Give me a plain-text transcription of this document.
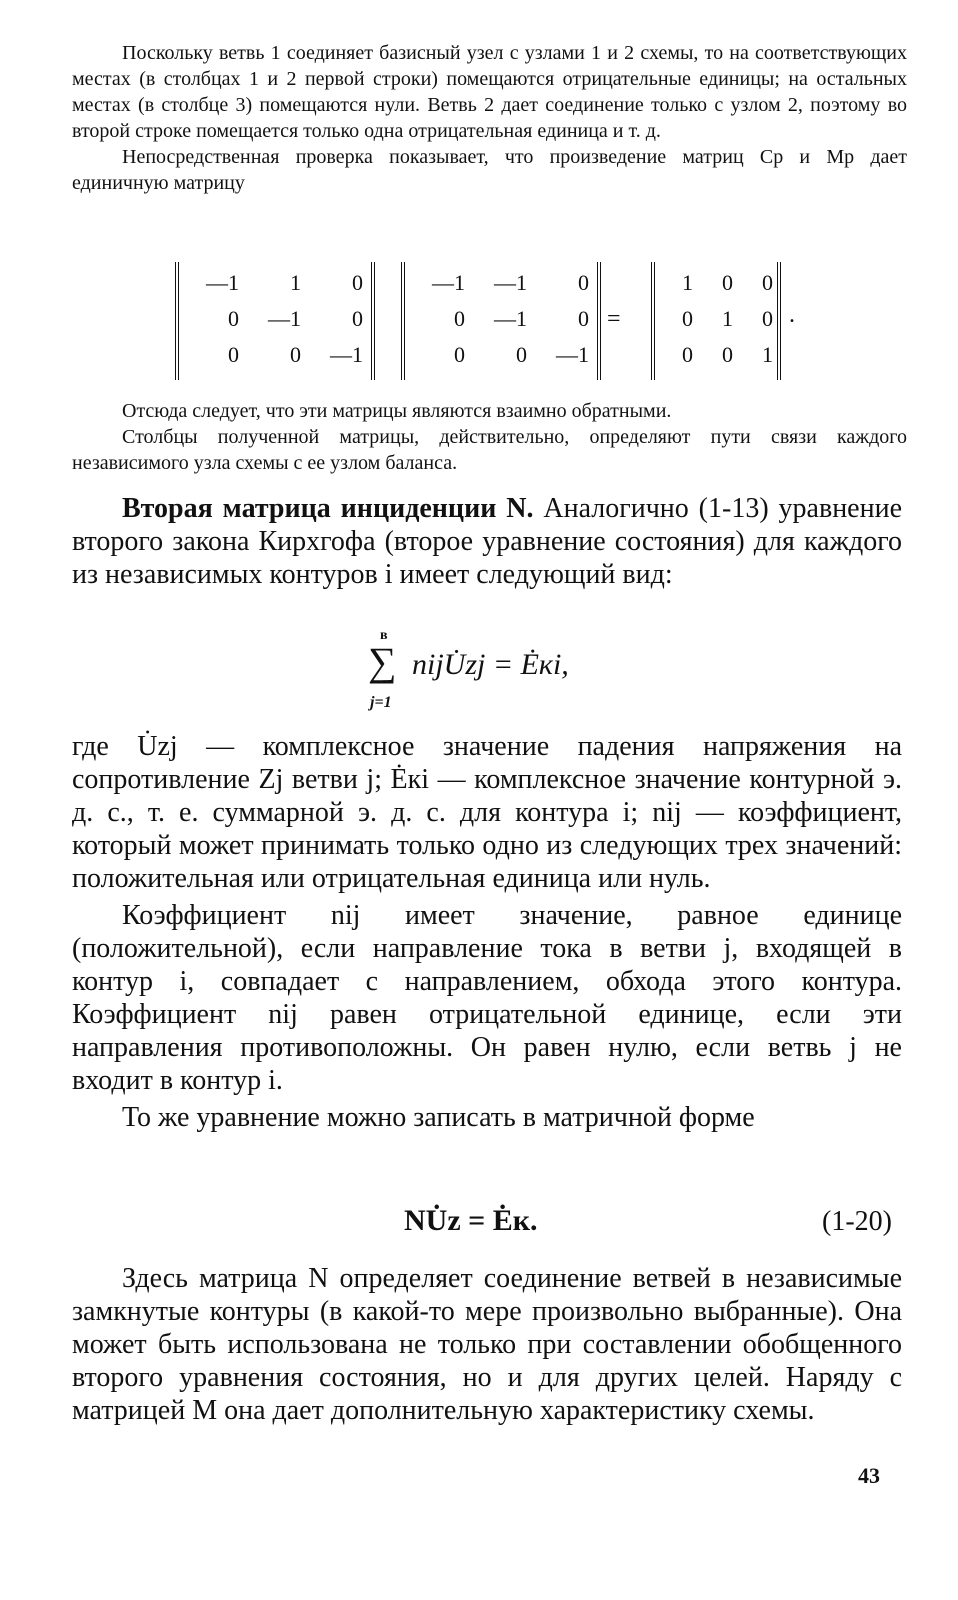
Поскольку ветвь 1 соединяет базисный узел с узлами 1 и 2 схемы, то на соответствующих местах (в столбцах 1 и 2 первой строки) помещаются отрицательные единицы; на остальных местах (в столбце 3) помещаются нули. Ветвь 2 дает соединение только с узлом 2, поэтому во второй строке помещается только одна отрицательная единица и т. д.

Непосредственная проверка показывает, что произведение матриц Cp и Mp дает единичную матрицу

—1	1	0
0	—1	0
0	0	—1
—1	—1	0
0	—1	0
0	0	—1
=
1	0	0
0	1	0
0	0	1
.

Отсюда следует, что эти матрицы являются взаимно обратными.

Столбцы полученной матрицы, действительно, определяют пути связи каждого независимого узла схемы с ее узлом баланса.

Вторая матрица инциденции N. Аналогично (1-13) уравнение второго закона Кирхгофа (второе уравнение состояния) для каждого из независимых контуров i имеет следующий вид:

в
∑ nijU̇zj = Ėкi,
j=1

где U̇zj — комплексное значение падения напряжения на сопротивление Zj ветви j; Ėкi — комплексное значение контурной э. д. с., т. е. суммарной э. д. с. для контура i; nij — коэффициент, который может принимать только одно из следующих трех значений: положительная или отрицательная единица или нуль.

Коэффициент nij имеет значение, равное единице (положительной), если направление тока в ветви j, входящей в контур i, совпадает с направлением, обхода этого контура. Коэффициент nij равен отрицательной единице, если эти направления противоположны. Он равен нулю, если ветвь j не входит в контур i.

То же уравнение можно записать в матричной форме

NU̇z = Ėк.	(1-20)

Здесь матрица N определяет соединение ветвей в независимые замкнутые контуры (в какой-то мере произвольно выбранные). Она может быть использована не только при составлении обобщенного второго уравнения состояния, но и для других целей. Наряду с матрицей M она дает дополнительную характеристику схемы.

43
